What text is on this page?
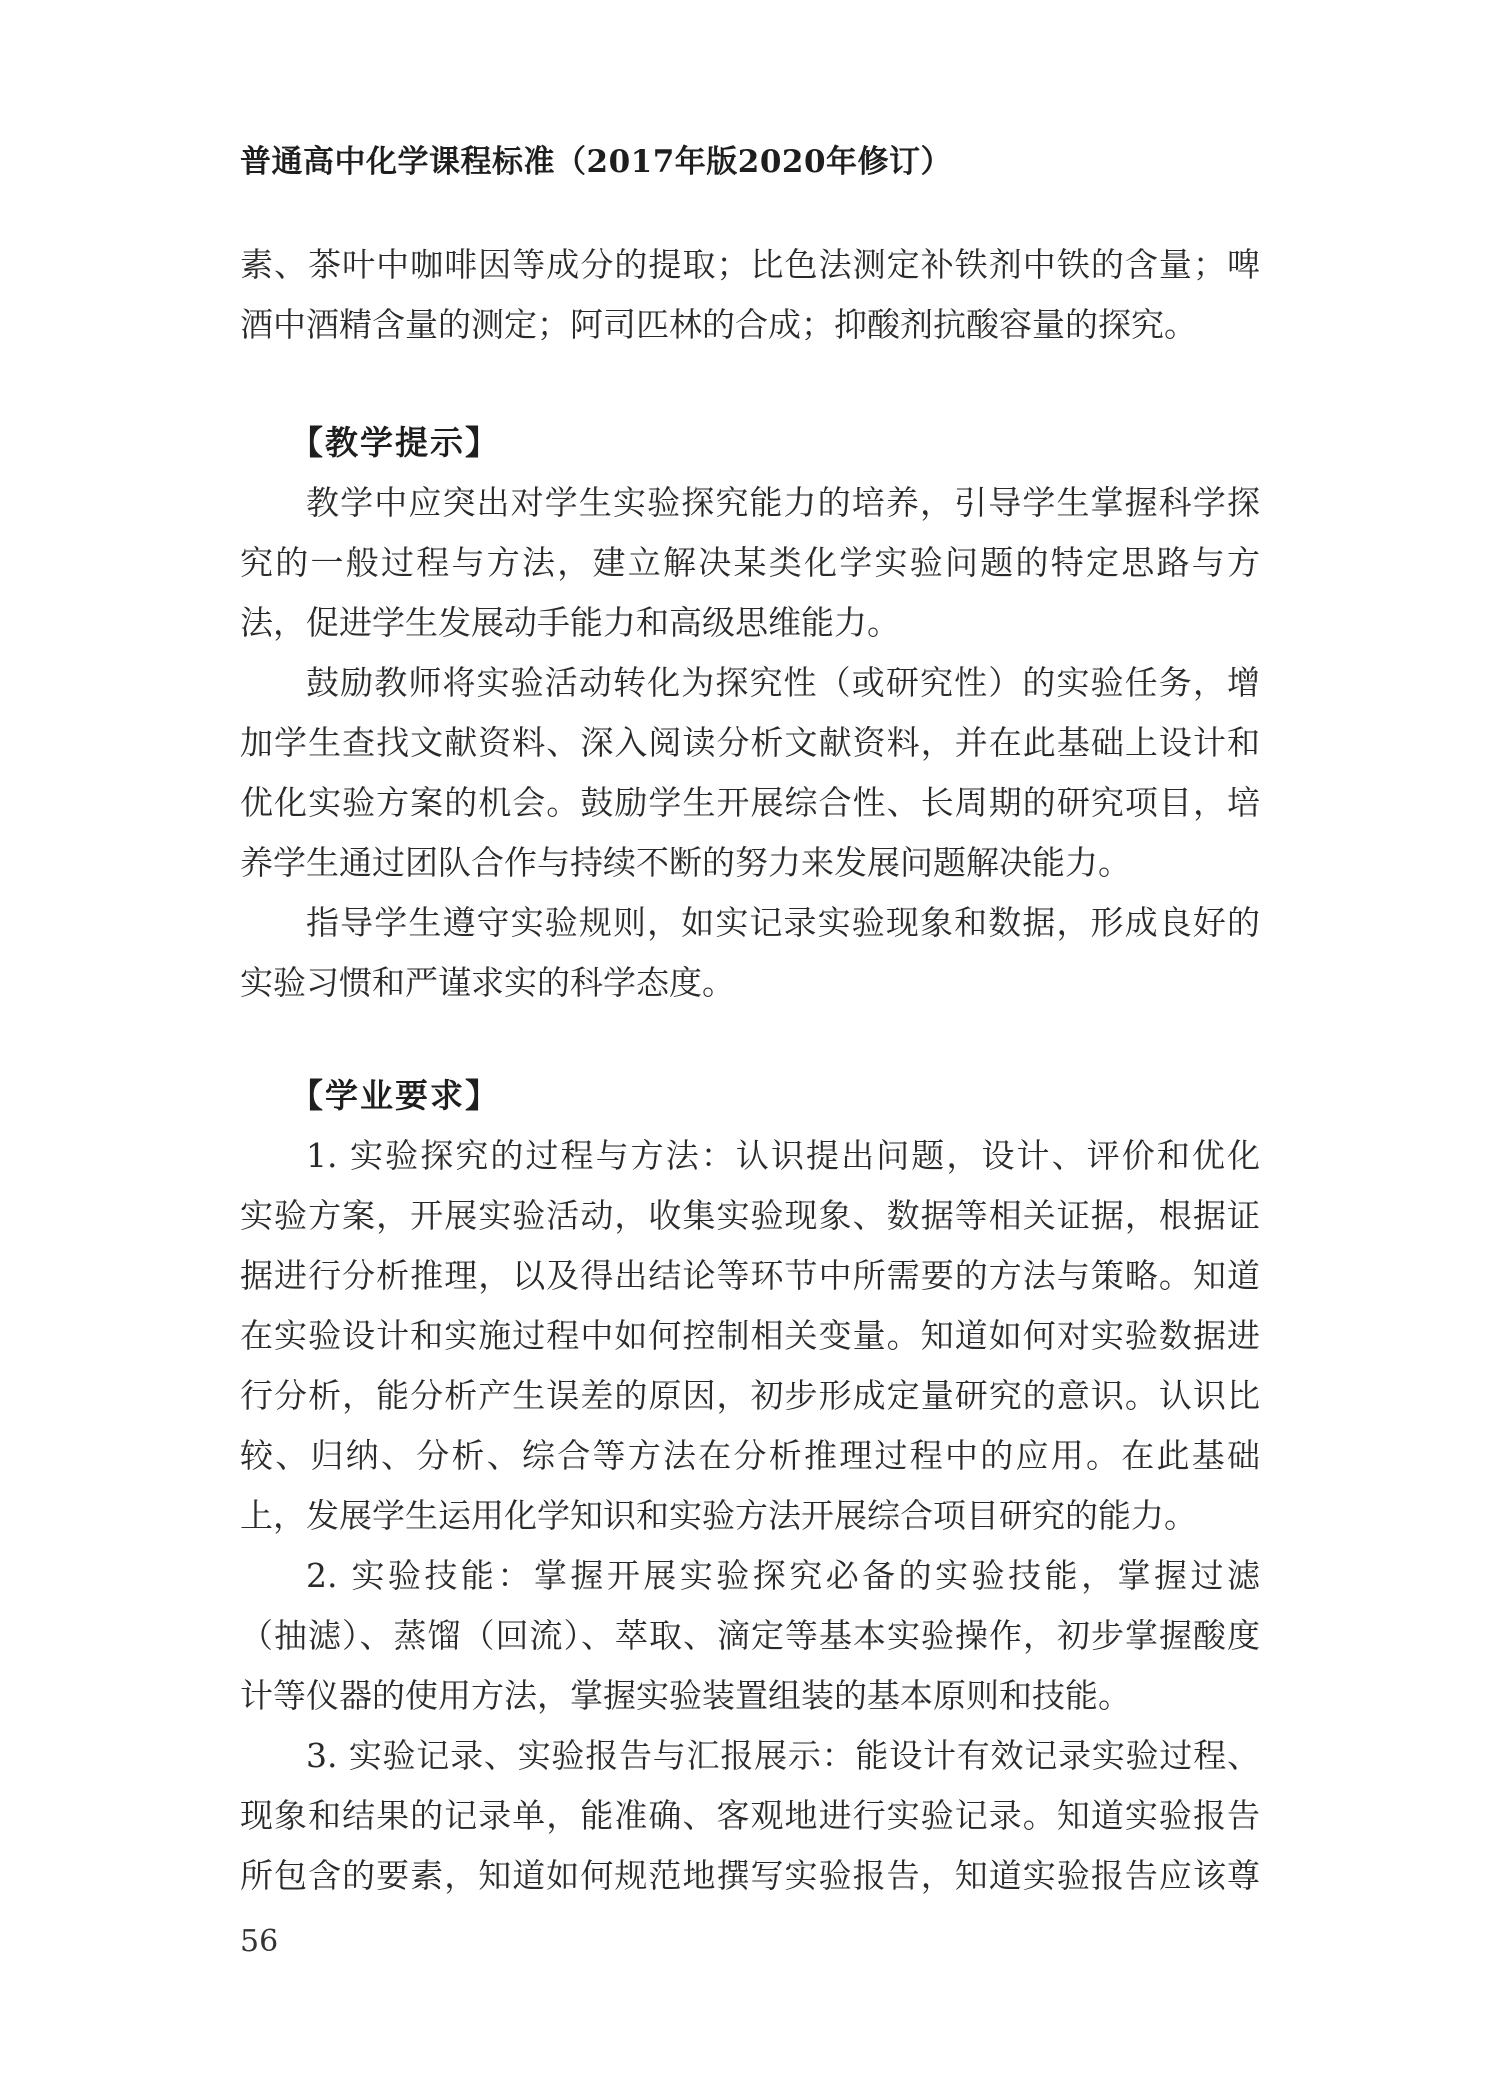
普通高中化学课程标准（2017年版2020年修订）
素、茶叶中咖啡因等成分的提取；比色法测定补铁剂中铁的含量；啤
酒中酒精含量的测定；阿司匹林的合成；抑酸剂抗酸容量的探究。
【教学提示】
教学中应突出对学生实验探究能力的培养，引导学生掌握科学探
究的一般过程与方法，建立解决某类化学实验问题的特定思路与方
法，促进学生发展动手能力和高级思维能力。
鼓励教师将实验活动转化为探究性（或研究性）的实验任务，增
加学生查找文献资料、深入阅读分析文献资料，并在此基础上设计和
优化实验方案的机会。鼓励学生开展综合性、长周期的研究项目，培
养学生通过团队合作与持续不断的努力来发展问题解决能力。
指导学生遵守实验规则，如实记录实验现象和数据，形成良好的
实验习惯和严谨求实的科学态度。
【学业要求】
1. 实验探究的过程与方法：认识提出问题，设计、评价和优化
实验方案，开展实验活动，收集实验现象、数据等相关证据，根据证
据进行分析推理，以及得出结论等环节中所需要的方法与策略。知道
在实验设计和实施过程中如何控制相关变量。知道如何对实验数据进
行分析，能分析产生误差的原因，初步形成定量研究的意识。认识比
较、归纳、分析、综合等方法在分析推理过程中的应用。在此基础
上，发展学生运用化学知识和实验方法开展综合项目研究的能力。
2. 实验技能：掌握开展实验探究必备的实验技能，掌握过滤
（抽滤）、蒸馏（回流）、萃取、滴定等基本实验操作，初步掌握酸度
计等仪器的使用方法，掌握实验装置组装的基本原则和技能。
3. 实验记录、实验报告与汇报展示：能设计有效记录实验过程、
现象和结果的记录单，能准确、客观地进行实验记录。知道实验报告
所包含的要素，知道如何规范地撰写实验报告，知道实验报告应该尊
56
